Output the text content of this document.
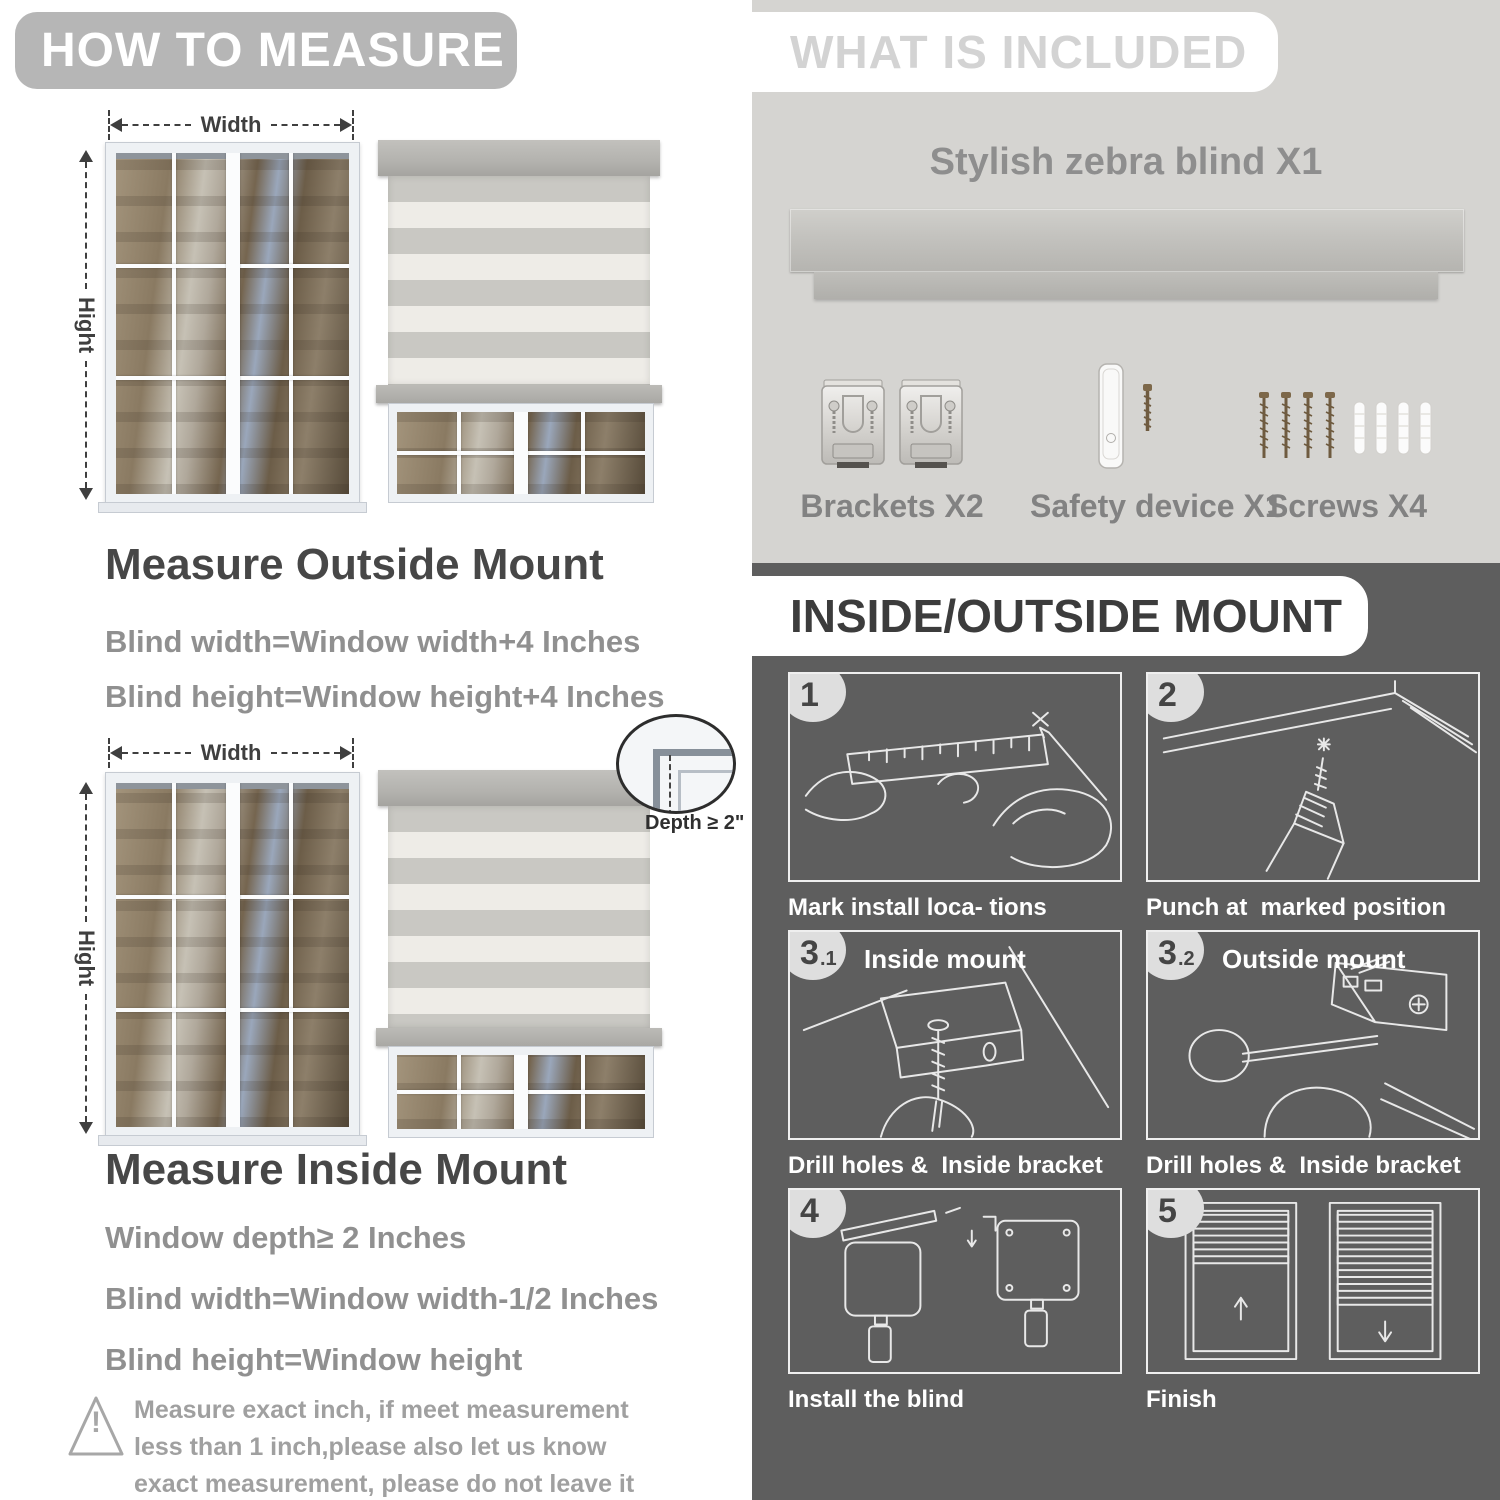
HOW TO MEASURE
Width
Hight
Measure Outside Mount
Blind width=Window width+4 Inches
Blind height=Window height+4 Inches
Width
Hight
Depth ≥ 2"
Measure Inside Mount
Window depth≥ 2 Inches
Blind width=Window width-1/2 Inches
Blind height=Window height
!	Measure exact inch, if meet measurement less than 1 inch,please also let us know exact measurement, please do not leave it
WHAT IS INCLUDED
Stylish zebra blind X1
Brackets X2 Safety device X1
Screws X4
INSIDE/OUTSIDE MOUNT
1
Mark install loca- tions
2
Punch at  marked position
3 .1 Inside mount
Drill holes &  Inside bracket
3 .2 Outside mount
Drill holes &  Inside bracket
4
Install the blind
5
Finish
